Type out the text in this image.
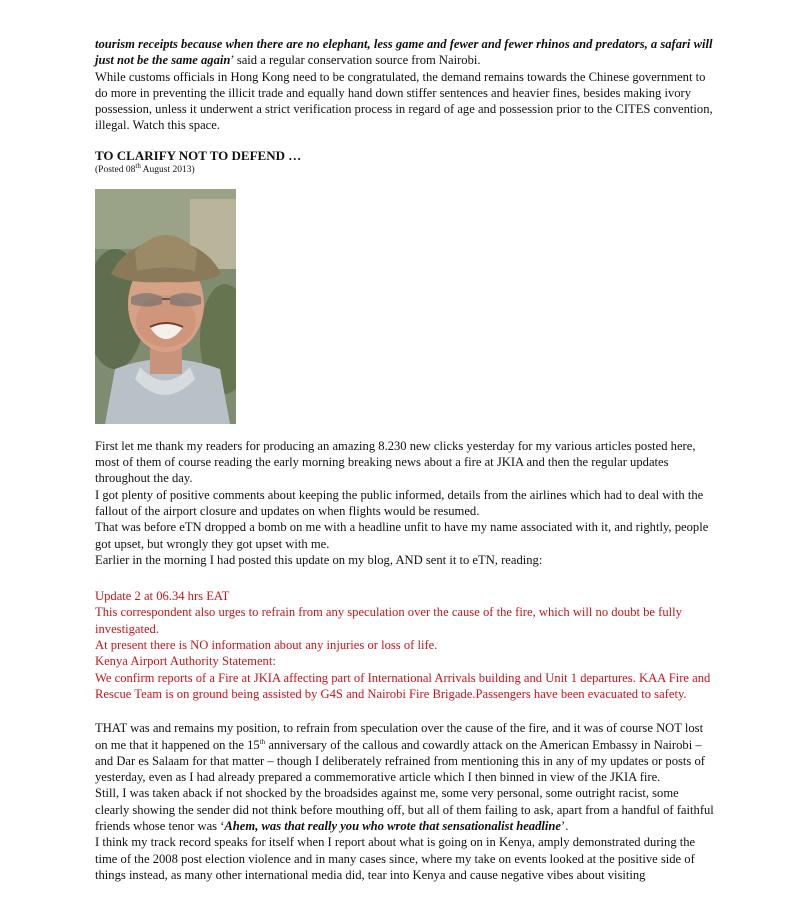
tourism receipts because when there are no elephant, less game and fewer and fewer rhinos and predators, a safari will just not be the same again’ said a regular conservation source from Nairobi.

While customs officials in Hong Kong need to be congratulated, the demand remains towards the Chinese government to do more in preventing the illicit trade and equally hand down stiffer sentences and heavier fines, besides making ivory possession, unless it underwent a strict verification process in regard of age and possession prior to the CITES convention, illegal. Watch this space.

TO CLARIFY NOT TO DEFEND …

(Posted 08th August 2013)

First let me thank my readers for producing an amazing 8.230 new clicks yesterday for my various articles posted here, most of them of course reading the early morning breaking news about a fire at JKIA and then the regular updates throughout the day.

I got plenty of positive comments about keeping the public informed, details from the airlines which had to deal with the fallout of the airport closure and updates on when flights would be resumed.

That was before eTN dropped a bomb on me with a headline unfit to have my name associated with it, and rightly, people got upset, but wrongly they got upset with me.

Earlier in the morning I had posted this update on my blog, AND sent it to eTN, reading:

Update 2 at 06.34 hrs EAT

This correspondent also urges to refrain from any speculation over the cause of the fire, which will no doubt be fully investigated.

At present there is NO information about any injuries or loss of life.

Kenya Airport Authority Statement:

We confirm reports of a Fire at JKIA affecting part of International Arrivals building and Unit 1 departures. KAA Fire and Rescue Team is on ground being assisted by G4S and Nairobi Fire Brigade.Passengers have been evacuated to safety.

THAT was and remains my position, to refrain from speculation over the cause of the fire, and it was of course NOT lost on me that it happened on the 15th anniversary of the callous and cowardly attack on the American Embassy in Nairobi – and Dar es Salaam for that matter – though I deliberately refrained from mentioning this in any of my updates or posts of yesterday, even as I had already prepared a commemorative article which I then binned in view of the JKIA fire.

Still, I was taken aback if not shocked by the broadsides against me, some very personal, some outright racist, some clearly showing the sender did not think before mouthing off, but all of them failing to ask, apart from a handful of faithful friends whose tenor was ‘Ahem, was that really you who wrote that sensationalist headline’.

I think my track record speaks for itself when I report about what is going on in Kenya, amply demonstrated during the time of the 2008 post election violence and in many cases since, where my take on events looked at the positive side of things instead, as many other international media did, tear into Kenya and cause negative vibes about visiting
